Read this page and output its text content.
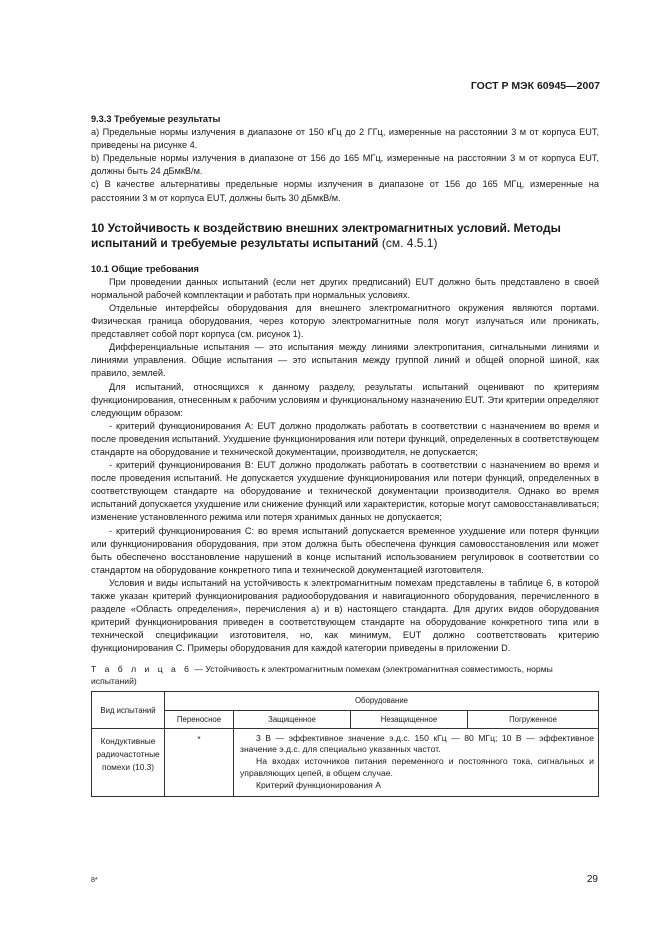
ГОСТ Р МЭК 60945—2007

9.3.3 Требуемые результаты

a) Предельные нормы излучения в диапазоне от 150 кГц до 2 ГГц, измеренные на расстоянии 3 м от корпуса EUT, приведены на рисунке 4.

b) Предельные нормы излучения в диапазоне от 156 до 165 МГц, измеренные на расстоянии 3 м от корпуса EUT, должны быть 24 дБмкВ/м.

c) В качестве альтернативы предельные нормы излучения в диапазоне от 156 до 165 МГц, измеренные на расстоянии 3 м от корпуса EUT, должны быть 30 дБмкВ/м.

10 Устойчивость к воздействию внешних электромагнитных условий. Методы испытаний и требуемые результаты испытаний (см. 4.5.1)

10.1 Общие требования

При проведении данных испытаний (если нет других предписаний) EUT должно быть представлено в своей нормальной рабочей комплектации и работать при нормальных условиях.

Отдельные интерфейсы оборудования для внешнего электромагнитного окружения являются портами. Физическая граница оборудования, через которую электромагнитные поля могут излучаться или проникать, представляет собой порт корпуса (см. рисунок 1).

Дифференциальные испытания — это испытания между линиями электропитания, сигнальными линиями и линиями управления. Общие испытания — это испытания между группой линий и общей опорной шиной, как правило, землей.

Для испытаний, относящихся к данному разделу, результаты испытаний оценивают по критериям функционирования, отнесенным к рабочим условиям и функциональному назначению EUT. Эти критерии определяют следующим образом:

- критерий функционирования A: EUT должно продолжать работать в соответствии с назначением во время и после проведения испытаний. Ухудшение функционирования или потери функций, определенных в соответствующем стандарте на оборудование и технической документации, производителя, не допускается;

- критерий функционирования B: EUT должно продолжать работать в соответствии с назначением во время и после проведения испытаний. Не допускается ухудшение функционирования или потери функций, определенных в соответствующем стандарте на оборудование и технической документации производителя. Однако во время испытаний допускается ухудшение или снижение функций или характеристик, которые могут самовосстанавливаться; изменение установленного режима или потеря хранимых данных не допускается;

- критерий функционирования C: во время испытаний допускается временное ухудшение или потеря функции или функционирования оборудования, при этом должна быть обеспечена функция самовосстановления или может быть обеспечено восстановление нарушений в конце испытаний использованием регулировок в соответствии со стандартом на оборудование конкретного типа и технической документацией изготовителя.

Условия и виды испытаний на устойчивость к электромагнитным помехам представлены в таблице 6, в которой также указан критерий функционирования радиооборудования и навигационного оборудования, перечисленного в разделе «Область определения», перечисления а) и в) настоящего стандарта. Для других видов оборудования критерий функционирования приведен в соответствующем стандарте на оборудование конкретного типа или в технической спецификации изготовителя, но, как минимум, EUT должно соответствовать критерию функционирования C. Примеры оборудования для каждой категории приведены в приложении D.

Т а б л и ц а 6 — Устойчивость к электромагнитным помехам (электромагнитная совместимость, нормы испытаний)
Вид испытаний	Оборудование			
	Переносное	Защищенное	Незащищенное	Погруженное
Кондуктивные радиочастотные помехи (10.3)	*	3 В — эффективное значение э.д.с. 150 кГц — 80 МГц; 10 В — эффективное значение э.д.с. для специально указанных частот.
На входах источников питания переменного и постоянного тока, сигнальных и управляющих цепей, в общем случае.
Критерий функционирования A		
8*	29
